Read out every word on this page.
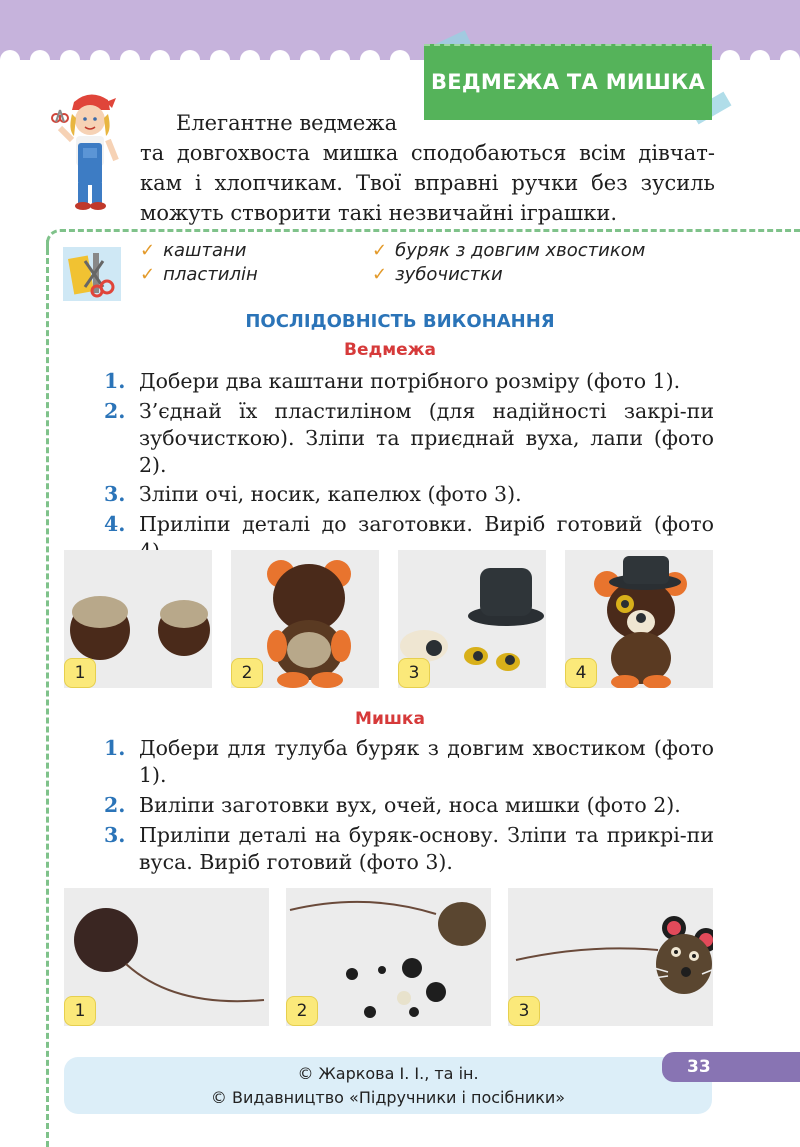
ВЕДМЕЖА ТА МИШКА
Елегантне ведмежа
та довгохвоста мишка сподобаються всім дівчат-кам і хлопчикам. Твої вправні ручки без зусиль можуть створити такі незвичайні іграшки.
✓ каштани
✓ пластилін
✓ буряк з довгим хвостиком
✓ зубочистки
ПОСЛІДОВНІСТЬ ВИКОНАННЯ
Ведмежа
1. Добери два каштани потрібного розміру (фото 1).
2. З’єднай їх пластиліном (для надійності закрі-пи зубочисткою). Зліпи та приєднай вуха, лапи (фото 2).
3. Зліпи очі, носик, капелюх (фото 3).
4. Приліпи деталі до заготовки. Виріб готовий (фото
1	2	3	4
Мишка
1. Добери для тулуба буряк з довгим хвостиком (фото 1).
2. Виліпи заготовки вух, очей, носа мишки (фото 2).
3. Приліпи деталі на буряк-основу. Зліпи та прикрі-пи вуса. Виріб готовий (фото 3).
1	2	3
© Жаркова І. І., та ін.
© Видавництво «Підручники і посібники»
33
